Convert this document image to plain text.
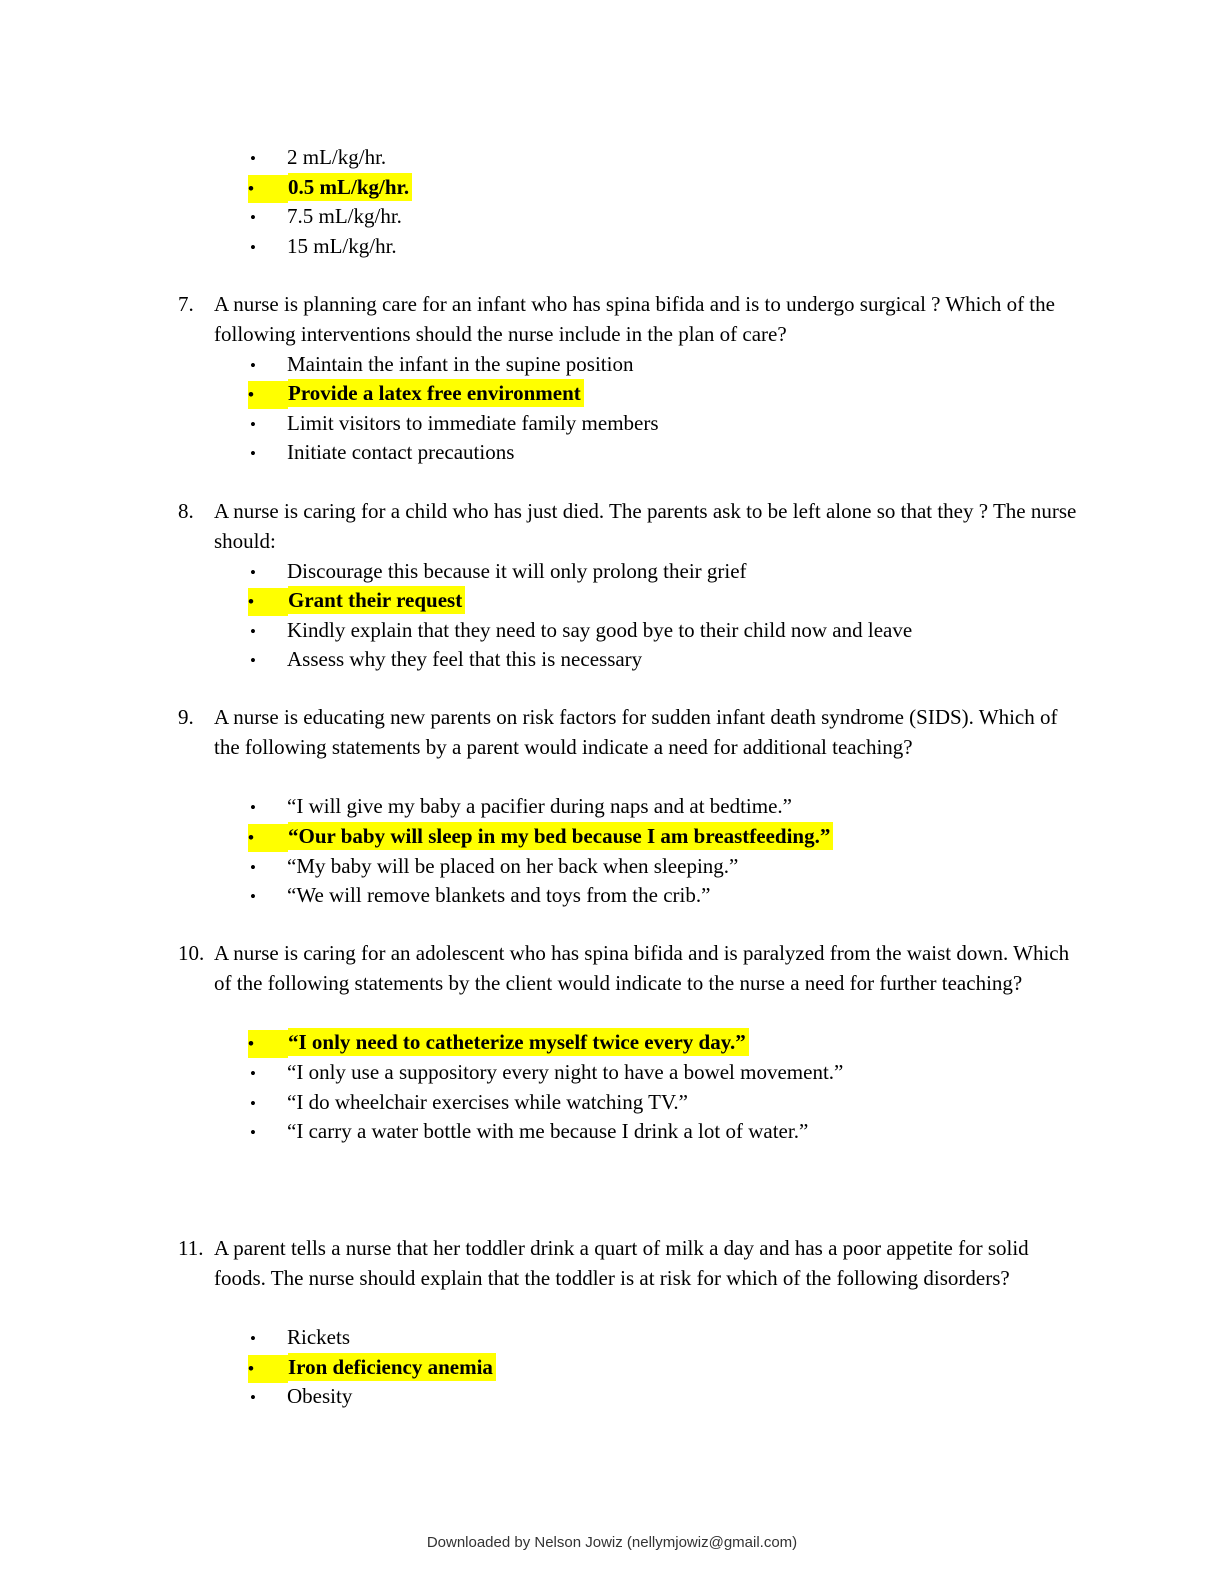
• 2 mL/kg/hr.
• 0.5 mL/kg/hr.
• 7.5 mL/kg/hr.
• 15 mL/kg/hr.
7. A nurse is planning care for an infant who has spina bifida and is to undergo surgical ? Which of the following interventions should the nurse include in the plan of care?
• Maintain the infant in the supine position
• Provide a latex free environment
• Limit visitors to immediate family members
• Initiate contact precautions
8. A nurse is caring for a child who has just died. The parents ask to be left alone so that they ? The nurse should:
• Discourage this because it will only prolong their grief
• Grant their request
• Kindly explain that they need to say good bye to their child now and leave
• Assess why they feel that this is necessary
9. A nurse is educating new parents on risk factors for sudden infant death syndrome (SIDS). Which of the following statements by a parent would indicate a need for additional teaching?
• “I will give my baby a pacifier during naps and at bedtime.”
• “Our baby will sleep in my bed because I am breastfeeding.”
• “My baby will be placed on her back when sleeping.”
• “We will remove blankets and toys from the crib.”
10. A nurse is caring for an adolescent who has spina bifida and is paralyzed from the waist down. Which of the following statements by the client would indicate to the nurse a need for further teaching?
• “I only need to catheterize myself twice every day.”
• “I only use a suppository every night to have a bowel movement.”
• “I do wheelchair exercises while watching TV.”
• “I carry a water bottle with me because I drink a lot of water.”
11. A parent tells a nurse that her toddler drink a quart of milk a day and has a poor appetite for solid foods. The nurse should explain that the toddler is at risk for which of the following disorders?
• Rickets
• Iron deficiency anemia
• Obesity
Downloaded by Nelson Jowiz (nellymjowiz@gmail.com)
